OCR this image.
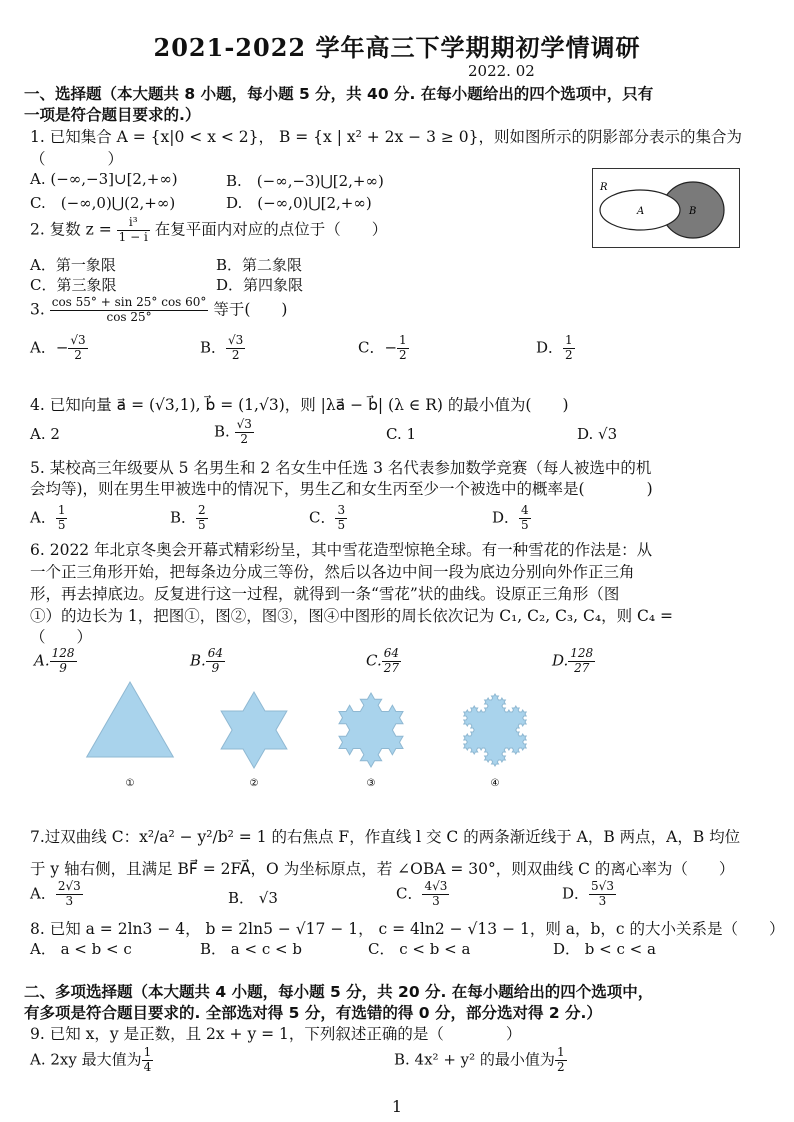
2021-2022 学年高三下学期期初学情调研
2022. 02
一、选择题（本大题共 8 小题，每小题 5 分，共 40 分. 在每小题给出的四个选项中，只有
一项是符合题目要求的.）
1. 已知集合 A = {x|0 < x < 2}， B = {x | x² + 2x − 3 ≥ 0}，则如图所示的阴影部分表示的集合为
（　　　　）
A. (−∞,−3]∪[2,+∞)	B.　(−∞,−3)⋃[2,+∞)
C.　(−∞,0)⋃(2,+∞)	D.　(−∞,0)⋃[2,+∞)
R
A	B
2. 复数 $z = \frac{\text{i³}}{1 - i}$ 在复平面内对应的点位于（　　）
A．第一象限	B．第二象限
C．第三象限	D．第四象限
3. $\frac{\cos 55^\circ + \sin 25^\circ \cos 60^\circ}{\cos 25^\circ}$ 等于(　　)
A．− $\frac{√3}{2}$	B． $\frac{√3}{2}$	C．− $\frac{1}{2}$	D． $\frac{1}{2}$
4. 已知向量 a⃗ = (√3,1), b⃗ = (1,√3)，则 |λa⃗ − b⃗| (λ ∈ R) 的最小值为(　　)
A. 2	B. $\frac{√3}{2}$	C. 1	D. √3
5. 某校高三年级要从 5 名男生和 2 名女生中任选 3 名代表参加数学竞赛（每人被选中的机
会均等)，则在男生甲被选中的情况下，男生乙和女生丙至少一个被选中的概率是(　　　　)
A． $\frac{1}{5}$	B． $\frac{2}{5}$	C． $\frac{3}{5}$	D． $\frac{4}{5}$
6. 2022 年北京冬奥会开幕式精彩纷呈，其中雪花造型惊艳全球。有一种雪花的作法是：从
一个正三角形开始，把每条边分成三等份，然后以各边中间一段为底边分别向外作正三角
形，再去掉底边。反复进行这一过程，就得到一条“雪花”状的曲线。设原正三角形（图
①）的边长为 1，把图①，图②，图③，图④中图形的周长依次记为 C₁, C₂, C₃, C₄，则 C₄ =
（　　）
A. $\frac{128}{9}$	B. $\frac{64}{9}$	C. $\frac{64}{27}$	D. $\frac{128}{27}$
①	②	③	④
7.过双曲线 C：x²/a² − y²/b² = 1 的右焦点 F，作直线 l 交 C 的两条渐近线于 A，B 两点，A，B 均位
于 y 轴右侧，且满足 BF⃗ = 2FA⃗，O 为坐标原点，若 ∠OBA = 30°，则双曲线 C 的离心率为（　　）
A． $\frac{2√3}{3}$	B． √3	C． $\frac{4√3}{3}$	D． $\frac{5√3}{3}$
8. 已知 a = 2ln3 − 4， b = 2ln5 − √17 − 1， c = 4ln2 − √13 − 1，则 a，b，c 的大小关系是（　　）
A． a < b < c	B． a < c < b	C． c < b < a	D． b < c < a
二、多项选择题（本大题共 4 小题，每小题 5 分，共 20 分. 在每小题给出的四个选项中，
有多项是符合题目要求的. 全部选对得 5 分，有选错的得 0 分，部分选对得 2 分.）
9. 已知 x，y 是正数，且 2x + y = 1，下列叙述正确的是（　　　　）
A. 2xy 最大值为 $\frac{1}{4}$	B. 4x² + y² 的最小值为 $\frac{1}{2}$
1
